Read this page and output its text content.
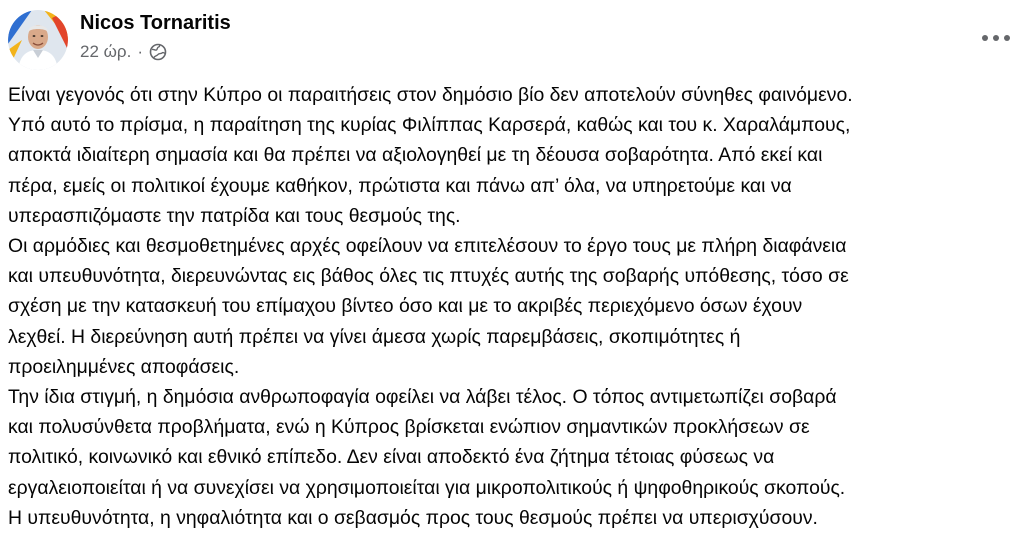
Nicos Tornaritis
22 ώρ. ·

Είναι γεγονός ότι στην Κύπρο οι παραιτήσεις στον δημόσιο βίο δεν αποτελούν σύνηθες φαινόμενο.

Υπό αυτό το πρίσμα, η παραίτηση της κυρίας Φιλίππας Καρσερά, καθώς και του κ. Χαραλάμπους,

αποκτά ιδιαίτερη σημασία και θα πρέπει να αξιολογηθεί με τη δέουσα σοβαρότητα. Από εκεί και

πέρα, εμείς οι πολιτικοί έχουμε καθήκον, πρώτιστα και πάνω απ’ όλα, να υπηρετούμε και να

υπερασπιζόμαστε την πατρίδα και τους θεσμούς της.

Οι αρμόδιες και θεσμοθετημένες αρχές οφείλουν να επιτελέσουν το έργο τους με πλήρη διαφάνεια

και υπευθυνότητα, διερευνώντας εις βάθος όλες τις πτυχές αυτής της σοβαρής υπόθεσης, τόσο σε

σχέση με την κατασκευή του επίμαχου βίντεο όσο και με το ακριβές περιεχόμενο όσων έχουν

λεχθεί. Η διερεύνηση αυτή πρέπει να γίνει άμεσα χωρίς παρεμβάσεις, σκοπιμότητες ή

προειλημμένες αποφάσεις.

Την ίδια στιγμή, η δημόσια ανθρωποφαγία οφείλει να λάβει τέλος. Ο τόπος αντιμετωπίζει σοβαρά

και πολυσύνθετα προβλήματα, ενώ η Κύπρος βρίσκεται ενώπιον σημαντικών προκλήσεων σε

πολιτικό, κοινωνικό και εθνικό επίπεδο. Δεν είναι αποδεκτό ένα ζήτημα τέτοιας φύσεως να

εργαλειοποιείται ή να συνεχίσει να χρησιμοποιείται για μικροπολιτικούς ή ψηφοθηρικούς σκοπούς.

Η υπευθυνότητα, η νηφαλιότητα και ο σεβασμός προς τους θεσμούς πρέπει να υπερισχύσουν.
